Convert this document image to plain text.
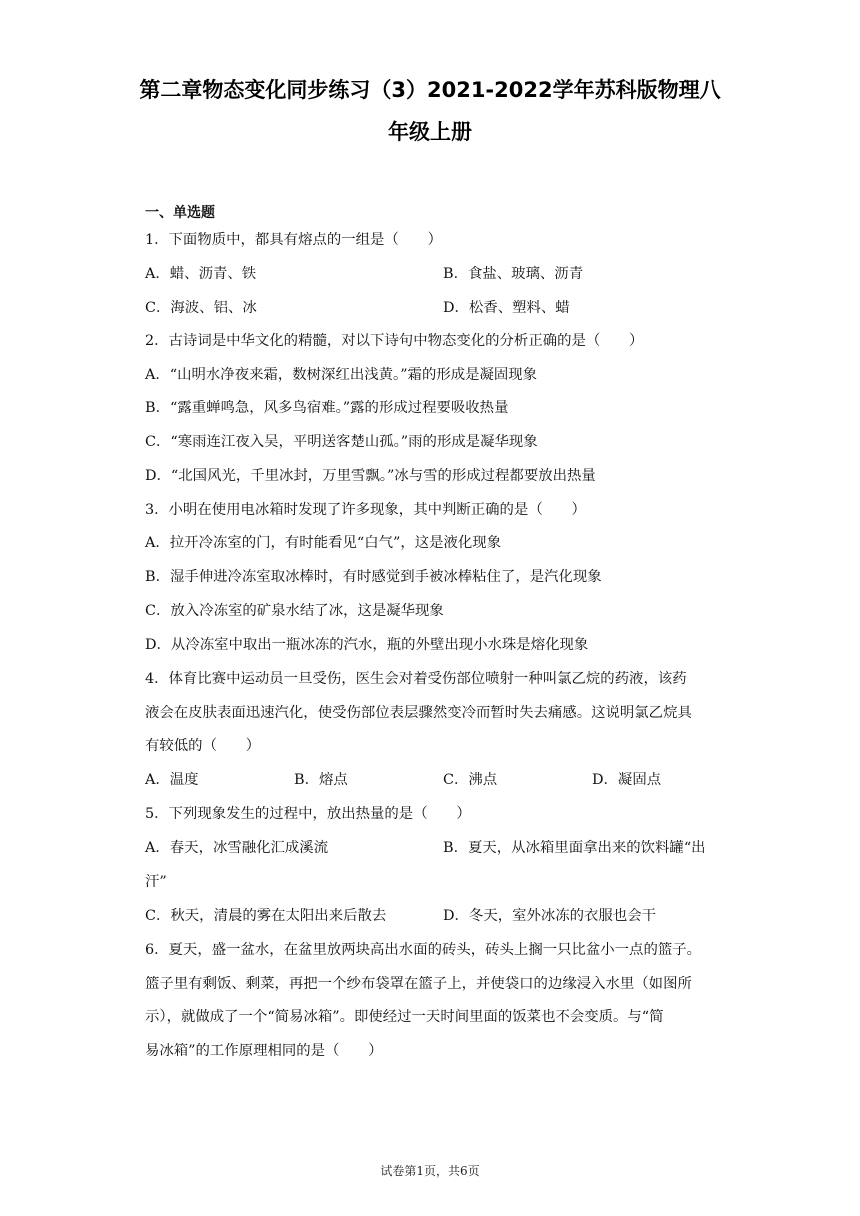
第二章物态变化同步练习（3）2021-2022学年苏科版物理八
年级上册
一、单选题
1．下面物质中，都具有熔点的一组是（　　）
A．蜡、沥青、铁	B．食盐、玻璃、沥青
C．海波、铝、冰	D．松香、塑料、蜡
2．古诗词是中华文化的精髓，对以下诗句中物态变化的分析正确的是（　　）
A．“山明水净夜来霜，数树深红出浅黄。”霜的形成是凝固现象
B．“露重蝉鸣急，风多鸟宿难。”露的形成过程要吸收热量
C．“寒雨连江夜入吴，平明送客楚山孤。”雨的形成是凝华现象
D．“北国风光，千里冰封，万里雪飘。”冰与雪的形成过程都要放出热量
3．小明在使用电冰箱时发现了许多现象，其中判断正确的是（　　）
A．拉开冷冻室的门，有时能看见“白气”，这是液化现象
B．湿手伸进冷冻室取冰棒时，有时感觉到手被冰棒粘住了，是汽化现象
C．放入冷冻室的矿泉水结了冰，这是凝华现象
D．从冷冻室中取出一瓶冰冻的汽水，瓶的外壁出现小水珠是熔化现象
4．体育比赛中运动员一旦受伤，医生会对着受伤部位喷射一种叫氯乙烷的药液，该药
液会在皮肤表面迅速汽化，使受伤部位表层骤然变冷而暂时失去痛感。这说明氯乙烷具
有较低的（　　）
A．温度	B．熔点	C．沸点	D．凝固点
5．下列现象发生的过程中，放出热量的是（　　）
A．春天，冰雪融化汇成溪流	B．夏天，从冰箱里面拿出来的饮料罐“出
汗”
C．秋天，清晨的雾在太阳出来后散去	D．冬天，室外冰冻的衣服也会干
6．夏天，盛一盆水，在盆里放两块高出水面的砖头，砖头上搁一只比盆小一点的篮子。
篮子里有剩饭、剩菜，再把一个纱布袋罩在篮子上，并使袋口的边缘浸入水里（如图所
示），就做成了一个“简易冰箱”。即使经过一天时间里面的饭菜也不会变质。与“简
易冰箱”的工作原理相同的是（　　）
试卷第1页，共6页
